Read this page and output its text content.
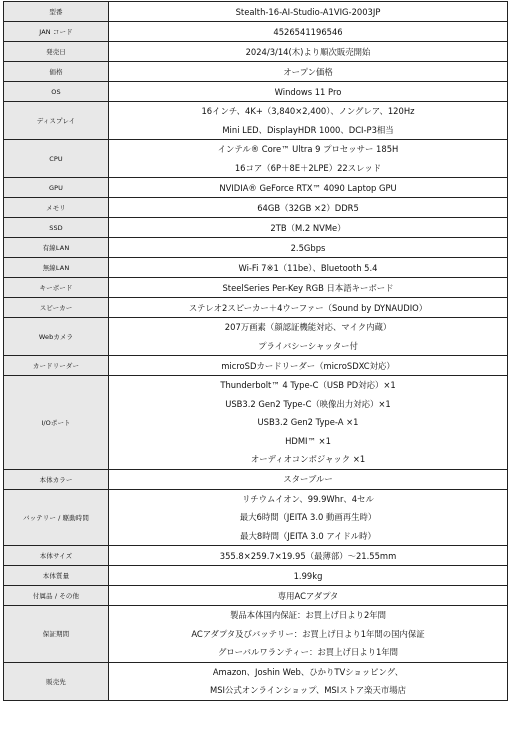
型番	Stealth-16-AI-Studio-A1VIG-2003JP

JAN コード	4526541196546

発売日	2024/3/14(木)より順次販売開始

価格	オープン価格

OS	Windows 11 Pro

ディスプレイ	16インチ、4K+（3,840×2,400）、ノングレア、120Hz
Mini LED、DisplayHDR 1000、DCI-P3相当

CPU	インテル® Core™ Ultra 9 プロセッサー 185H
16コア（6P＋8E＋2LPE）22スレッド

GPU	NVIDIA® GeForce RTX™ 4090 Laptop GPU

メモリ	64GB（32GB ×2）DDR5

SSD	2TB（M.2 NVMe）

有線LAN	2.5Gbps

無線LAN	Wi-Fi 7※1（11be）、Bluetooth 5.4

キーボード	SteelSeries Per-Key RGB 日本語キーボード

スピーカー	ステレオ2スピーカー＋4ウーファー（Sound by DYNAUDIO）

Webカメラ	207万画素（顔認証機能対応、マイク内蔵）
プライバシーシャッター付

カードリーダー	microSDカードリーダー（microSDXC対応）

I/Oポート	Thunderbolt™ 4 Type-C（USB PD対応）×1
USB3.2 Gen2 Type-C（映像出力対応）×1
USB3.2 Gen2 Type-A ×1
HDMI™ ×1
オーディオコンボジャック ×1

本体カラー	スターブルー

バッテリー / 駆動時間	リチウムイオン、99.9Whr、4セル
最大6時間（JEITA 3.0 動画再生時）
最大8時間（JEITA 3.0 アイドル時）

本体サイズ	355.8×259.7×19.95（最薄部）～21.55mm

本体質量	1.99kg

付属品 / その他	専用ACアダプタ

保証期間	製品本体国内保証：お買上げ日より2年間
ACアダプタ及びバッテリー：お買上げ日より1年間の国内保証
グローバルワランティー：お買上げ日より1年間

販売先	Amazon、Joshin Web、ひかりTVショッピング、
MSI公式オンラインショップ、MSIストア楽天市場店
